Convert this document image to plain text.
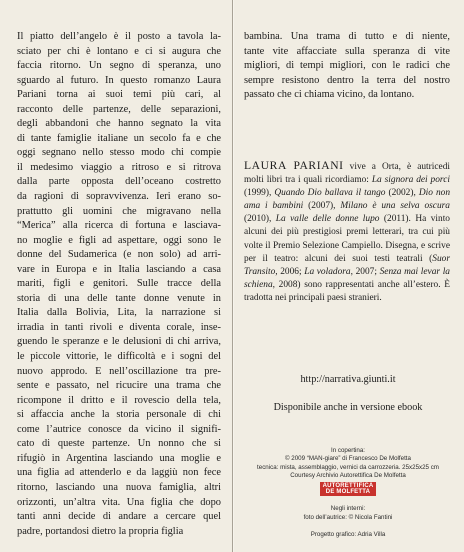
Il piatto dell’angelo è il posto a tavola la-
sciato per chi è lontano e ci si augura che
faccia ritorno. Un segno di speranza, uno
sguardo al futuro. In questo romanzo Laura
Pariani torna ai suoi temi più cari, al
racconto delle partenze, delle separazioni,
degli abbandoni che hanno segnato la vita
di tante famiglie italiane un secolo fa e che
oggi segnano nello stesso modo chi compie
il medesimo viaggio a ritroso e si ritrova
dalla parte opposta dell’oceano costretto
da ragioni di sopravvivenza. Ieri erano so-
prattutto gli uomini che migravano nella
“Merica” alla ricerca di fortuna e lasciava-
no moglie e figli ad aspettare, oggi sono le
donne del Sudamerica (e non solo) ad arri-
vare in Europa e in Italia lasciando a casa
mariti, figli e genitori. Sulle tracce della
storia di una delle tante donne venute in
Italia dalla Bolivia, Lita, la narrazione si
irradia in tanti rivoli e diventa corale, inse-
guendo le speranze e le delusioni di chi arriva,
le piccole vittorie, le difficoltà e i sogni del
nuovo approdo. E nell’oscillazione tra pre-
sente e passato, nel ricucire una trama che
ricompone il dritto e il rovescio della tela,
si affaccia anche la storia personale di chi
come l’autrice conosce da vicino il signifi-
cato di queste partenze. Un nonno che si
rifugiò in Argentina lasciando una moglie e
una figlia ad attenderlo e da laggiù non fece
ritorno, lasciando una nuova famiglia, altri
orizzonti, un’altra vita. Una figlia che dopo
tanti anni decide di andare a cercare quel
padre, portandosi dietro la propria figlia
bambina. Una trama di tutto e di niente,
tante vite affacciate sulla speranza di vite
migliori, di tempi migliori, con le radici che
sempre resistono dentro la terra del nostro
passato che ci chiama vicino, da lontano.

LAURA PARIANI vive a Orta, è autricedi molti libri tra i quali ricordiamo: La signora dei porci (1999), Quando Dio ballava il tango (2002), Dio non ama i bambini (2007), Milano è una selva oscura (2010), La valle delle donne lupo (2011). Ha vinto alcuni dei più prestigiosi premi letterari, tra cui più volte il Premio Selezione Campiello. Disegna, e scrive per il teatro: alcuni dei suoi testi teatrali (Suor Transito, 2006; La voladora, 2007; Senza mai levar la schiena, 2008) sono rappresentati anche all’estero. È tradotta nei principali paesi stranieri.

http://narrativa.giunti.it
Disponibile anche in versione ebook
In copertina:
© 2009 “MAN-giare” di Francesco De Molfetta
tecnica: mista, assemblaggio, vernici da carrozzeria. 25x25x25 cm
Courtesy Archivio Autorettifica De Molfetta
AUTORETTIFICA
DE MOLFETTA
Negli interni:
foto dell’autrice: © Nicola Fantini
Progetto grafico: Adria Villa
